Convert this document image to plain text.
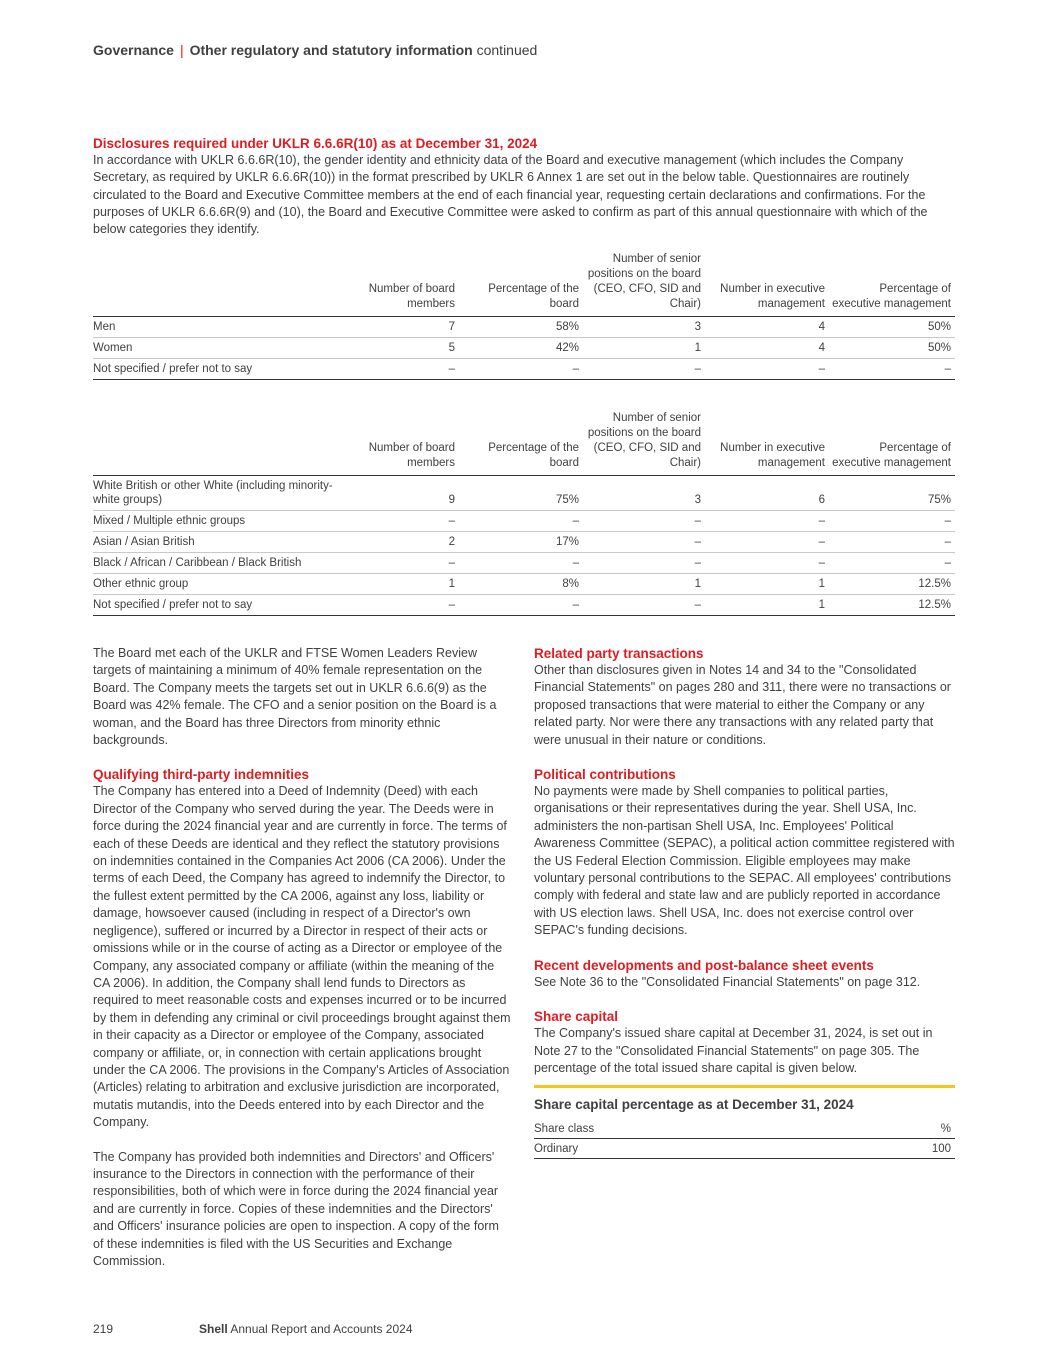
Governance | Other regulatory and statutory information continued
Disclosures required under UKLR 6.6.6R(10) as at December 31, 2024

In accordance with UKLR 6.6.6R(10), the gender identity and ethnicity data of the Board and executive management (which includes the Company Secretary, as required by UKLR 6.6.6R(10)) in the format prescribed by UKLR 6 Annex 1 are set out in the below table. Questionnaires are routinely circulated to the Board and Executive Committee members at the end of each financial year, requesting certain declarations and confirmations. For the purposes of UKLR 6.6.6R(9) and (10), the Board and Executive Committee were asked to confirm as part of this annual questionnaire with which of the below categories they identify.

	Number of board members	Percentage of the board	Number of senior positions on the board (CEO, CFO, SID and Chair)	Number in executive management	Percentage of executive management
Men	7	58%	3	4	50%
Women	5	42%	1	4	50%
Not specified / prefer not to say	–	–	–	–	–
	Number of board members	Percentage of the board	Number of senior positions on the board (CEO, CFO, SID and Chair)	Number in executive management	Percentage of executive management
White British or other White (including minority-white groups)	9	75%	3	6	75%
Mixed / Multiple ethnic groups	–	–	–	–	–
Asian / Asian British	2	17%	–	–	–
Black / African / Caribbean / Black British	–	–	–	–	–
Other ethnic group	1	8%	1	1	12.5%
Not specified / prefer not to say	–	–	–	1	12.5%

The Board met each of the UKLR and FTSE Women Leaders Review targets of maintaining a minimum of 40% female representation on the Board. The Company meets the targets set out in UKLR 6.6.6(9) as the Board was 42% female. The CFO and a senior position on the Board is a woman, and the Board has three Directors from minority ethnic backgrounds.

Qualifying third-party indemnities

The Company has entered into a Deed of Indemnity (Deed) with each Director of the Company who served during the year. The Deeds were in force during the 2024 financial year and are currently in force. The terms of each of these Deeds are identical and they reflect the statutory provisions on indemnities contained in the Companies Act 2006 (CA 2006). Under the terms of each Deed, the Company has agreed to indemnify the Director, to the fullest extent permitted by the CA 2006, against any loss, liability or damage, howsoever caused (including in respect of a Director's own negligence), suffered or incurred by a Director in respect of their acts or omissions while or in the course of acting as a Director or employee of the Company, any associated company or affiliate (within the meaning of the CA 2006). In addition, the Company shall lend funds to Directors as required to meet reasonable costs and expenses incurred or to be incurred by them in defending any criminal or civil proceedings brought against them in their capacity as a Director or employee of the Company, associated company or affiliate, or, in connection with certain applications brought under the CA 2006. The provisions in the Company's Articles of Association (Articles) relating to arbitration and exclusive jurisdiction are incorporated, mutatis mutandis, into the Deeds entered into by each Director and the Company.

The Company has provided both indemnities and Directors' and Officers' insurance to the Directors in connection with the performance of their responsibilities, both of which were in force during the 2024 financial year and are currently in force. Copies of these indemnities and the Directors' and Officers' insurance policies are open to inspection. A copy of the form of these indemnities is filed with the US Securities and Exchange Commission.

Related party transactions

Other than disclosures given in Notes 14 and 34 to the "Consolidated Financial Statements" on pages 280 and 311, there were no transactions or proposed transactions that were material to either the Company or any related party. Nor were there any transactions with any related party that were unusual in their nature or conditions.

Political contributions

No payments were made by Shell companies to political parties, organisations or their representatives during the year. Shell USA, Inc. administers the non-partisan Shell USA, Inc. Employees' Political Awareness Committee (SEPAC), a political action committee registered with the US Federal Election Commission. Eligible employees may make voluntary personal contributions to the SEPAC. All employees' contributions comply with federal and state law and are publicly reported in accordance with US election laws. Shell USA, Inc. does not exercise control over SEPAC's funding decisions.

Recent developments and post-balance sheet events

See Note 36 to the "Consolidated Financial Statements" on page 312.

Share capital

The Company's issued share capital at December 31, 2024, is set out in Note 27 to the "Consolidated Financial Statements" on page 305. The percentage of the total issued share capital is given below.

Share capital percentage as at December 31, 2024
Share class	%
Ordinary	100
219	Shell Annual Report and Accounts 2024
